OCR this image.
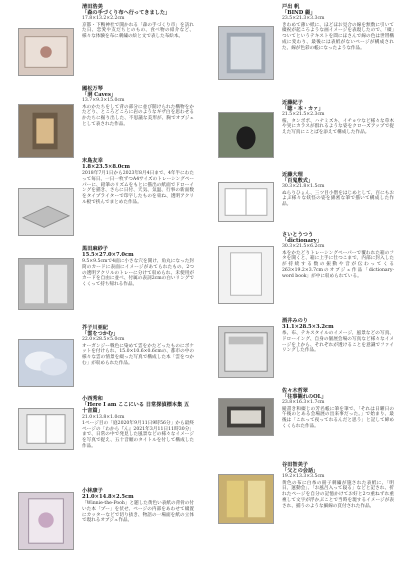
清田浩美
「森の手づくり布へ行ってきました」
17.8×13.2×2.2cm
京都・下鴨神社で開かれる「森の手づくり市」を訪れた日、恋愛や友だちとのもの、食べ物の紹介など、様々な体験を布に刺繍の絵と文で表した布絵本。
國松万琴
「洞 Caves」
13.7×9.3×15.0cm
木のかたちをして背の部分に並び開けられた構物をかたどり、ところどころに岩のようなギザ白を思わせるかたちに掘り出した、不思議な美形が、胸でオブジェとして表された作品。
末島友幸
1.8×23.5×8.0cm
2018年7月1日から2023年8月4日まで、4年半にわたって毎日、一日一枚ずつA4サイズのトレーシングペーパーに、鉛筆のリズムをもとに描出の紙面でドローイングを描き、さらに日付、天気、気温、行事の新面数をタイプライターで印字したものを束ね、透明アクリル板で挟んでまとめた作品。
黒田麻紗子
15.5×27.0×7.0cm
9.5×9.5cmで4面に小さな穴を開け、角丸になった封筒のカードに表面にイメージがあてられたもの、2つの透明アクリルのトレーに分けて収められ、未使用がカードを自由に並べ、付属の表詞2cmの白いリングでくくって持ち帰れる作品。
芥子川亜紀
「雲をつかむ」
22.0×28.5×5.0cm
オーガンジー戦色に染めて雲をかたどったものにポケットを付けられ、15.0×10.6×0.6cmの、都市の中の様々な雲の情景を綴った写真で構成した本「雲をつかむ」が収められた作品。
小西秀和
「Here I am ここにいる 日常探偵標本集 五十音篇」
21.0×13.8×1.0cm
1ページ目の「庭2020年9月11日9時56分」から最終ページの「わから『ん』2021年3月11日11時30分」まで、日常の中で発見した風景などの様々なイメージを写真で捉え、五十音順のタイトルを付して構成した作品。
小林康子
21.0×14.8×2.5cm
「Winnie-the-Pooh」と題した黄色い表紙の背骨の付いた本「プー」を伏せ、ページの内部をあわせて綴置にカッターなどで切り抜き、物語の一場面を紙の立体で現れるオブジェ作品。
戸出 帆
「BIND 綴」
23.5×21.3×3.3cm
きわめて薄い紙に、ほどほお見合の線を無数に引いて綴祝が起ころような画イメージを表現したので、「綴」ついてというテキストを間にほさんで線の色は世帯構成に変わり、最後には表紙がないページが構成された、線が色彩の帳になったような作品。
近藤紀子
「聴・本・カァ」
21.5×21.5×2.3cm
桜、タンポポ、ハナミズキ、イチョウなど様々な草木や実にカラスが群れるような姿をクローズアップで捉えた写真にことばを添えて構成した作品。
近藤大理
「百鬼敷式」
30.3×21.8×1.5cm
ぬらりひょん、三ツ目小僧をはじめとして、百にもおよぶ様々な妖怪の姿を綿密な筆で描いて構成した作品。
さいとうつう
「dictionary」
30.3×21.5×6.2cm
本をかたどりトレーシングペーパーで覆われた箱のフタを開くと、箱に上手に仕つこまで、内部に封入したが持続する数の振動や音が伝わってくる263×19.2×3.7cmのオブジェ作品「dictionary-word book」が中に収められている。
酒井みのり
31.1×28.5×3.2cm
糸、布、テキスタイルのイメージ、風景などの写真、ドローイング、自身の個展会場の写真など様々なイメージを上から、それぞれが透けることを意識でファイリングした作品。
佐々木哲翠
「往事観れのOL」
23.8×16.3×1.7cm
縦書き和綴じの芳名帳に筆を筆で、「それは日曜日の午後のとある会場展の出来事だった。」で始まり、最後は「これって夜ってれるんだと思う」と記して締めくくられた作品。
谷田智美子
「父との会話」
19.2×13.3×3.5cm
黄色の布に白糸の冊子刺繍が施された表紙に、「明日、運動会」、「お風呂入って寝る」などと記され、折れたページを自分の記憶かけてお好と2つ重ねずれ重複して文字が浮かぶことで当時を現するイメージが表され、捕うのような細線の頁付された作品。
